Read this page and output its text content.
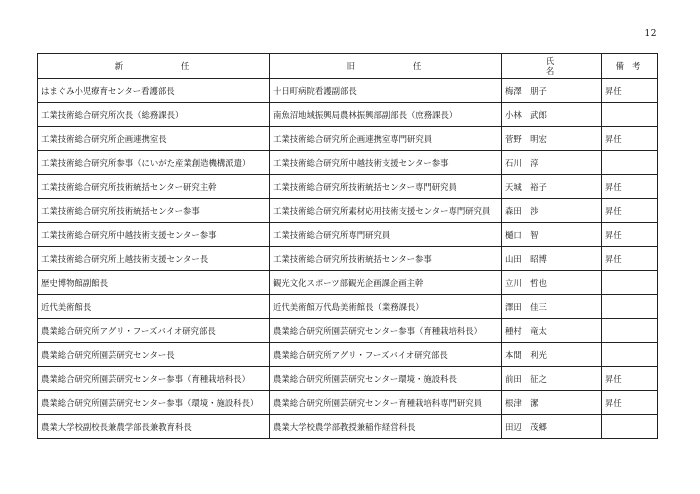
12
新任	旧任	氏名	備考
はまぐみ小児療育センター看護部長	十日町病院看護副部長	梅澤　朋子	昇任
工業技術総合研究所次長（総務課長）	南魚沼地域振興局農林振興部副部長（庶務課長）	小林　武郎	
工業技術総合研究所企画連携室長	工業技術総合研究所企画連携室専門研究員	菅野　明宏	昇任
工業技術総合研究所参事（にいがた産業創造機構派遣）	工業技術総合研究所中越技術支援センター参事	石川　淳	
工業技術総合研究所技術統括センター研究主幹	工業技術総合研究所技術統括センター専門研究員	天城　裕子	昇任
工業技術総合研究所技術統括センター参事	工業技術総合研究所素材応用技術支援センター専門研究員	森田　渉	昇任
工業技術総合研究所中越技術支援センター参事	工業技術総合研究所専門研究員	樋口　智	昇任
工業技術総合研究所上越技術支援センター長	工業技術総合研究所技術統括センター参事	山田　昭博	昇任
歴史博物館副館長	観光文化スポーツ部観光企画課企画主幹	立川　哲也	
近代美術館長	近代美術館万代島美術館長（業務課長）	澤田　佳三	
農業総合研究所アグリ・フーズバイオ研究部長	農業総合研究所園芸研究センター参事（育種栽培科長）	種村　竜太	
農業総合研究所園芸研究センター長	農業総合研究所アグリ・フーズバイオ研究部長	本間　利光	
農業総合研究所園芸研究センター参事（育種栽培科長）	農業総合研究所園芸研究センター環境・施設科長	前田　征之	昇任
農業総合研究所園芸研究センター参事（環境・施設科長）	農業総合研究所園芸研究センター育種栽培科専門研究員	根津　潔	昇任
農業大学校副校長兼農学部長兼教育科長	農業大学校農学部教授兼稲作経営科長	田辺　茂郷	
